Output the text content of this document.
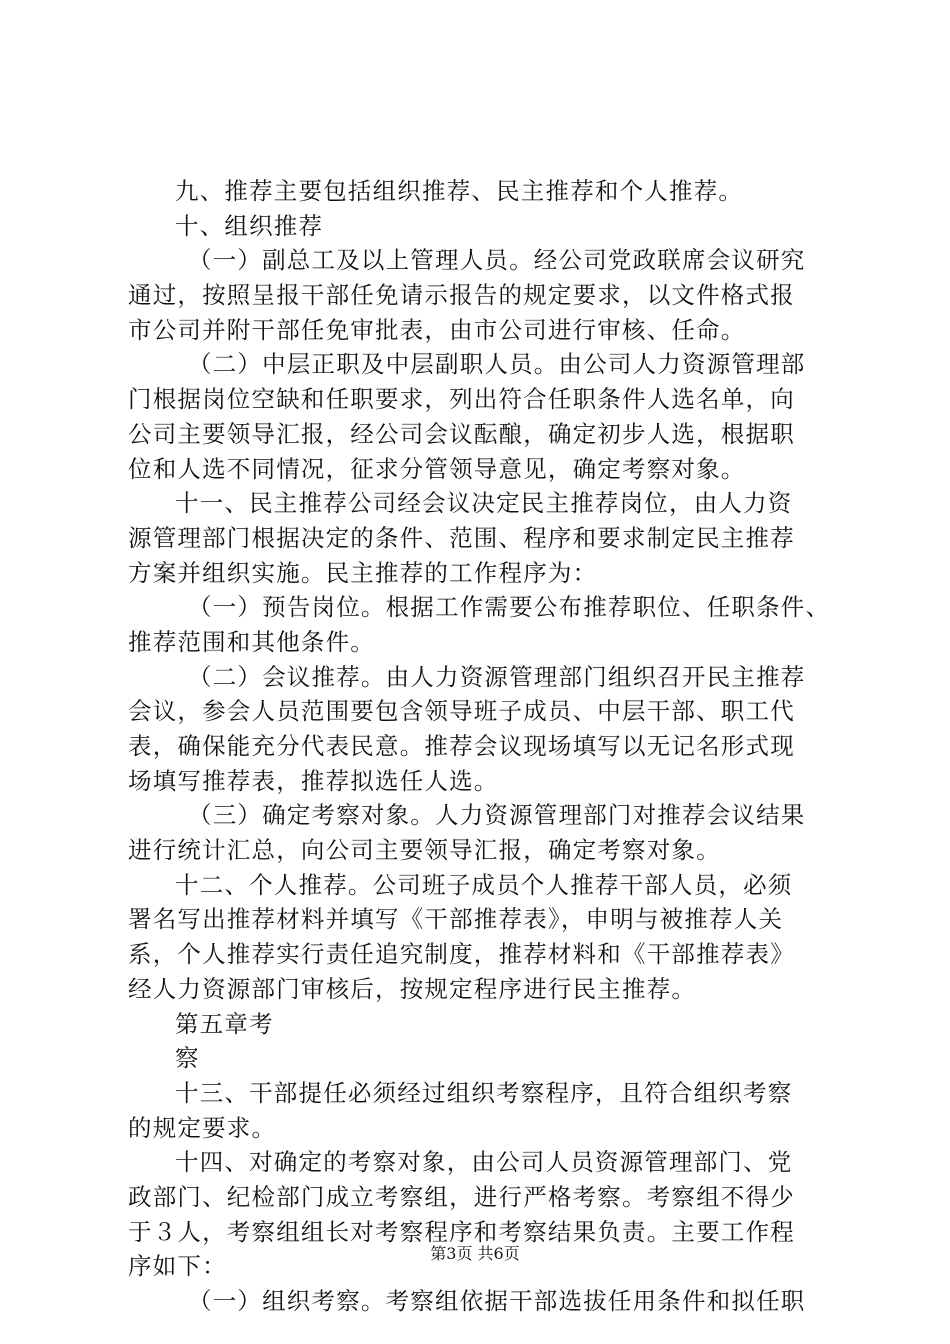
九、推荐主要包括组织推荐、民主推荐和个人推荐。
十、组织推荐
（一）副总工及以上管理人员。经公司党政联席会议研究
通过，按照呈报干部任免请示报告的规定要求，以文件格式报
市公司并附干部任免审批表，由市公司进行审核、任命。
（二）中层正职及中层副职人员。由公司人力资源管理部
门根据岗位空缺和任职要求，列出符合任职条件人选名单，向
公司主要领导汇报，经公司会议酝酿，确定初步人选，根据职
位和人选不同情况，征求分管领导意见，确定考察对象。
十一、民主推荐公司经会议决定民主推荐岗位，由人力资
源管理部门根据决定的条件、范围、程序和要求制定民主推荐
方案并组织实施。民主推荐的工作程序为：
（一）预告岗位。根据工作需要公布推荐职位、任职条件、
推荐范围和其他条件。
（二）会议推荐。由人力资源管理部门组织召开民主推荐
会议，参会人员范围要包含领导班子成员、中层干部、职工代
表，确保能充分代表民意。推荐会议现场填写以无记名形式现
场填写推荐表，推荐拟选任人选。
（三）确定考察对象。人力资源管理部门对推荐会议结果
进行统计汇总，向公司主要领导汇报，确定考察对象。
十二、个人推荐。公司班子成员个人推荐干部人员，必须
署名写出推荐材料并填写《干部推荐表》，申明与被推荐人关
系，个人推荐实行责任追究制度，推荐材料和《干部推荐表》
经人力资源部门审核后，按规定程序进行民主推荐。
第五章考
察
十三、干部提任必须经过组织考察程序，且符合组织考察
的规定要求。
十四、对确定的考察对象，由公司人员资源管理部门、党
政部门、纪检部门成立考察组，进行严格考察。考察组不得少
于３人，考察组组长对考察程序和考察结果负责。主要工作程
序如下：
（一）组织考察。考察组依据干部选拔任用条件和拟任职
第3页 共6页
